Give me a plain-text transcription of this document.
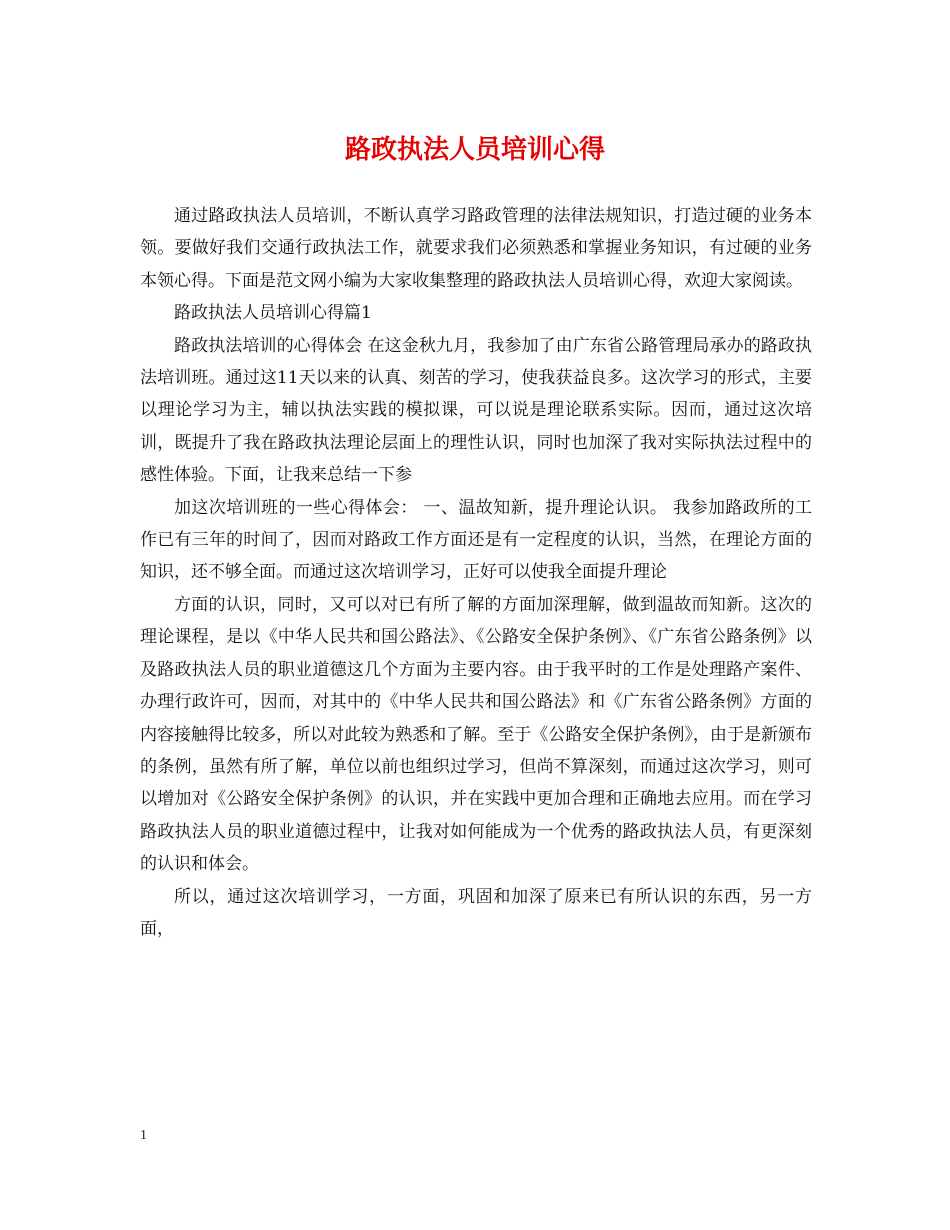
路政执法人员培训心得

通过路政执法人员培训，不断认真学习路政管理的法律法规知识，打造过硬的业务本领。要做好我们交通行政执法工作，就要求我们必须熟悉和掌握业务知识，有过硬的业务本领心得。下面是范文网小编为大家收集整理的路政执法人员培训心得，欢迎大家阅读。

路政执法人员培训心得篇1

路政执法培训的心得体会 在这金秋九月，我参加了由广东省公路管理局承办的路政执法培训班。通过这11天以来的认真、刻苦的学习，使我获益良多。这次学习的形式，主要以理论学习为主，辅以执法实践的模拟课，可以说是理论联系实际。因而，通过这次培训，既提升了我在路政执法理论层面上的理性认识，同时也加深了我对实际执法过程中的感性体验。下面，让我来总结一下参

加这次培训班的一些心得体会： 一、温故知新，提升理论认识。 我参加路政所的工作已有三年的时间了，因而对路政工作方面还是有一定程度的认识，当然，在理论方面的知识，还不够全面。而通过这次培训学习，正好可以使我全面提升理论

方面的认识，同时，又可以对已有所了解的方面加深理解，做到温故而知新。这次的理论课程，是以《中华人民共和国公路法》、《公路安全保护条例》、《广东省公路条例》以及路政执法人员的职业道德这几个方面为主要内容。由于我平时的工作是处理路产案件、办理行政许可，因而，对其中的《中华人民共和国公路法》和《广东省公路条例》方面的内容接触得比较多，所以对此较为熟悉和了解。至于《公路安全保护条例》，由于是新颁布的条例，虽然有所了解，单位以前也组织过学习，但尚不算深刻，而通过这次学习，则可以增加对《公路安全保护条例》的认识，并在实践中更加合理和正确地去应用。而在学习路政执法人员的职业道德过程中，让我对如何能成为一个优秀的路政执法人员，有更深刻的认识和体会。

所以，通过这次培训学习，一方面，巩固和加深了原来已有所认识的东西，另一方面，

1
